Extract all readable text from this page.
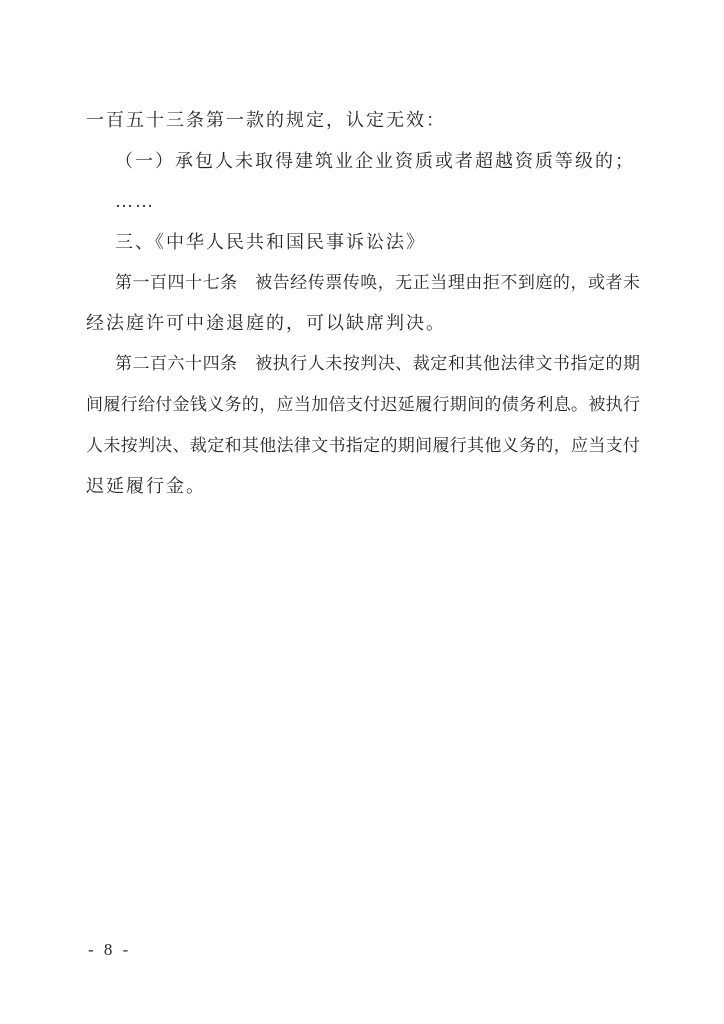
一百五十三条第一款的规定，认定无效：
（一）承包人未取得建筑业企业资质或者超越资质等级的；
……
三、《中华人民共和国民事诉讼法》
第一百四十七条　被告经传票传唤，无正当理由拒不到庭的，或者未
经法庭许可中途退庭的，可以缺席判决。
第二百六十四条　被执行人未按判决、裁定和其他法律文书指定的期
间履行给付金钱义务的，应当加倍支付迟延履行期间的债务利息。被执行
人未按判决、裁定和其他法律文书指定的期间履行其他义务的，应当支付
迟延履行金。
- 8 -
